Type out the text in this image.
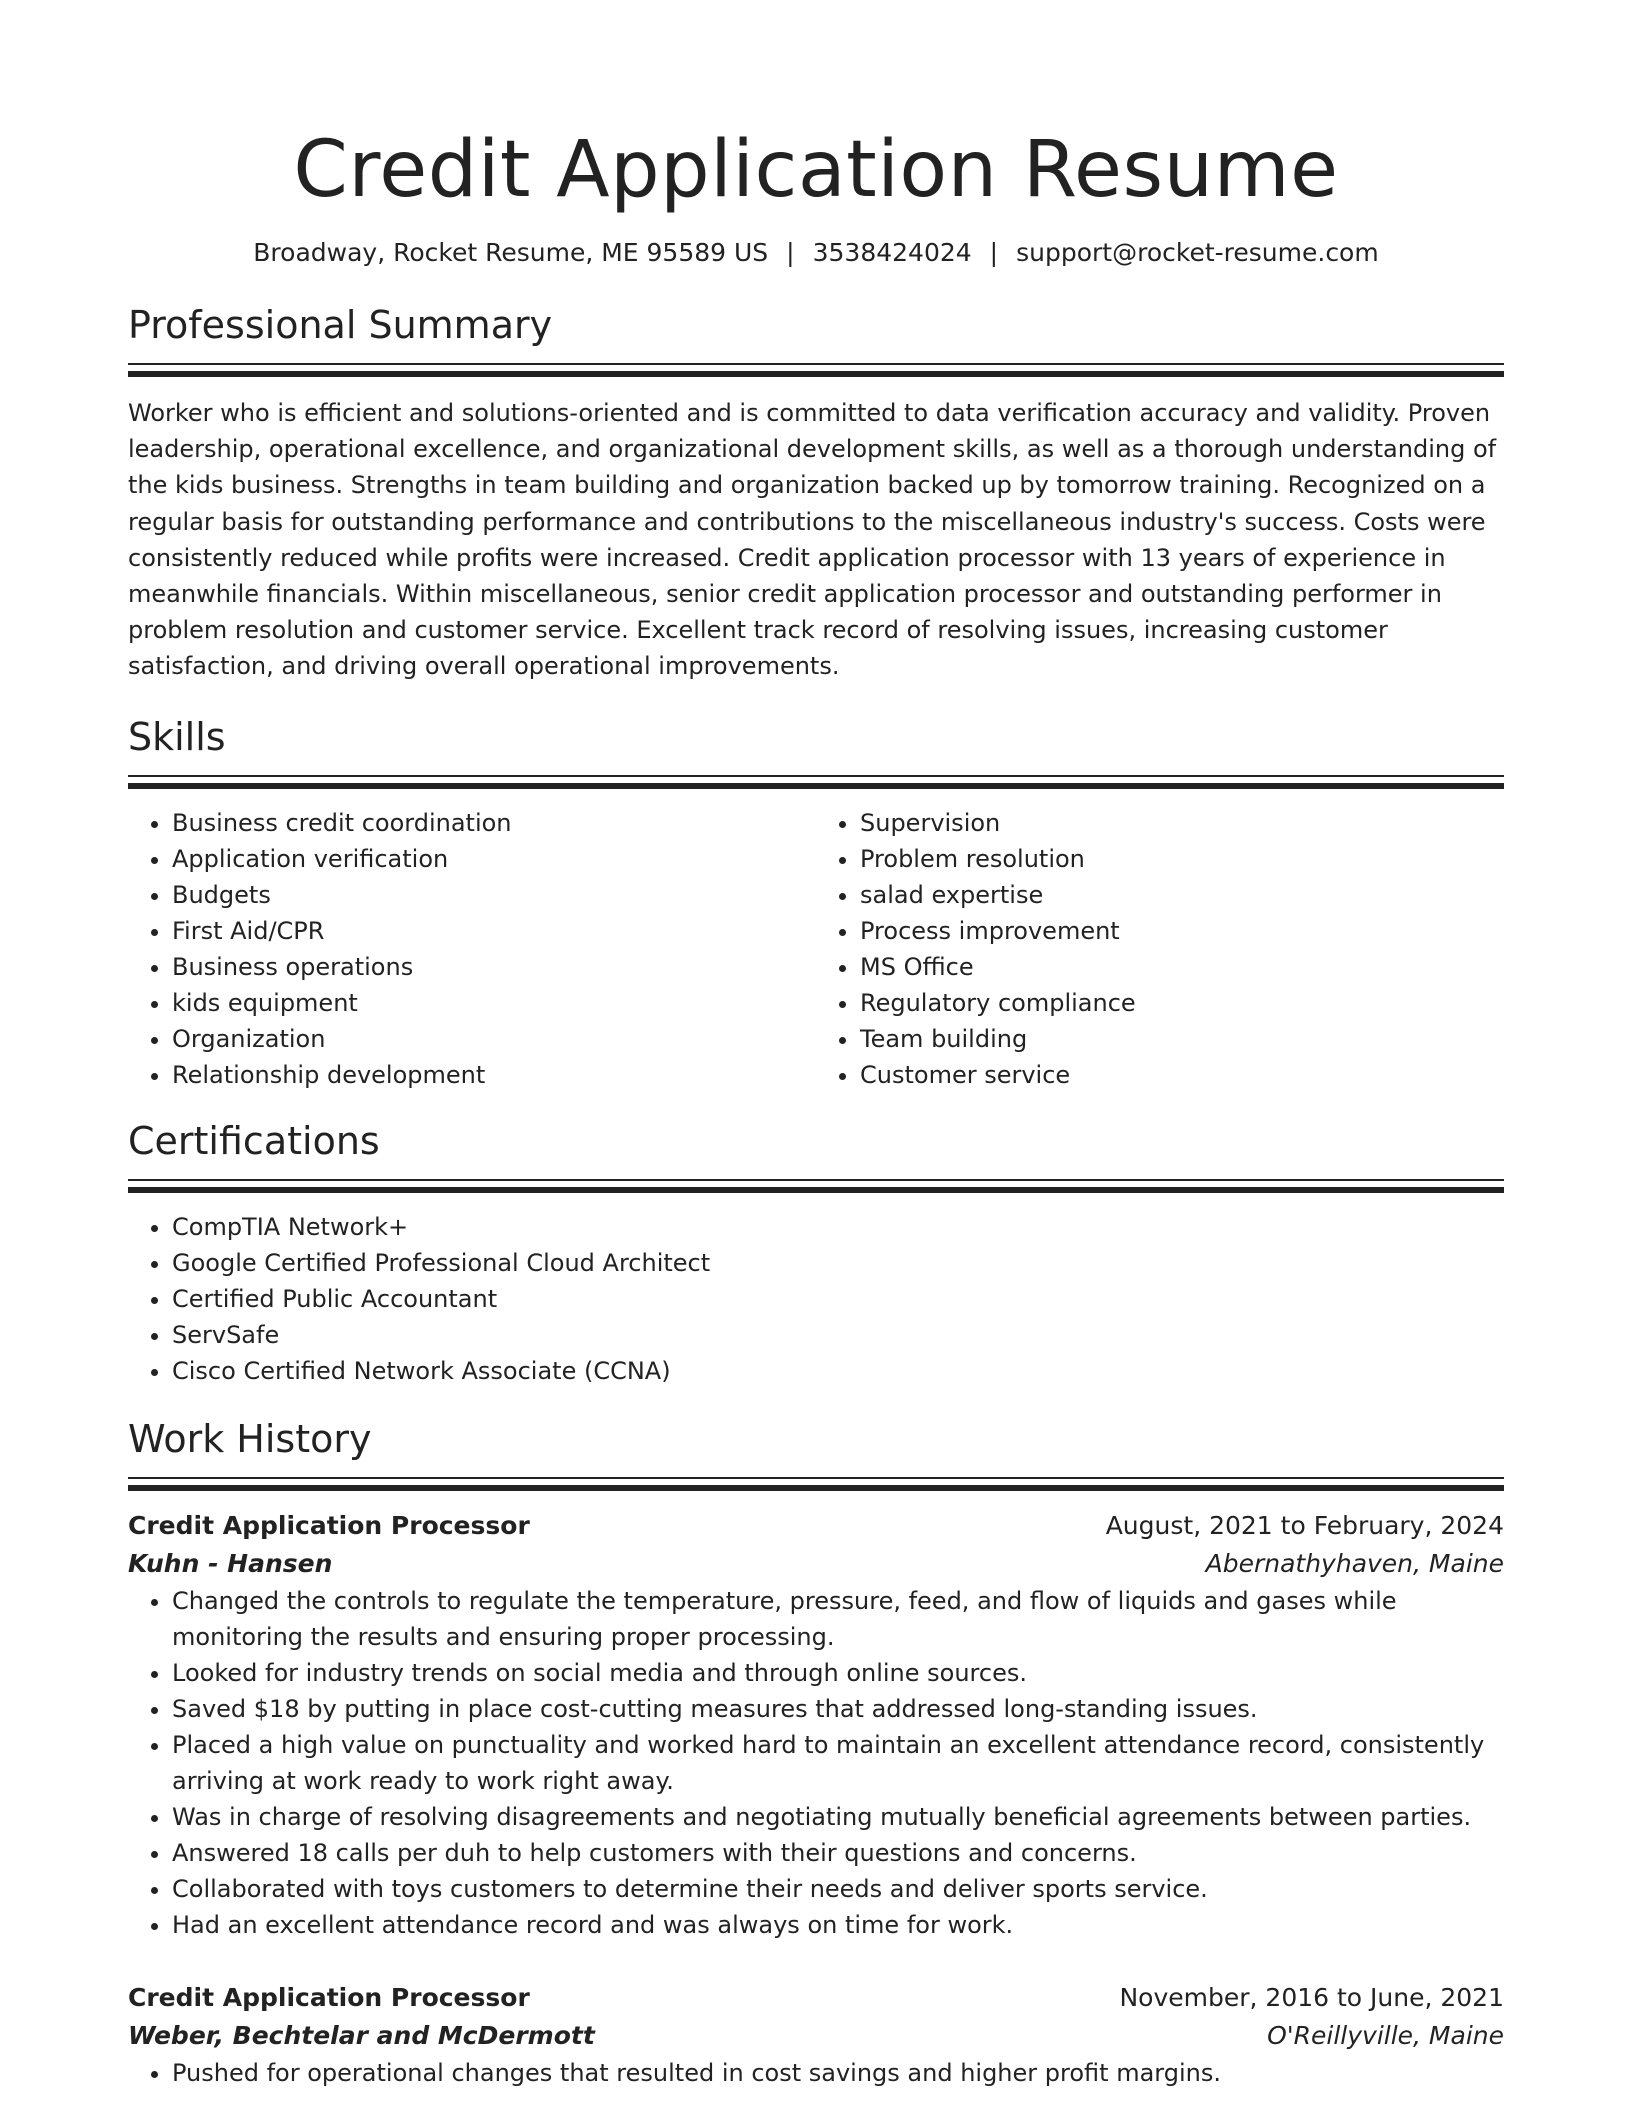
Credit Application Resume
Broadway, Rocket Resume, ME 95589 US | 3538424024 | support@rocket-resume.com
Professional Summary

Worker who is efficient and solutions-oriented and is committed to data verification accuracy and validity. Proven leadership, operational excellence, and organizational development skills, as well as a thorough understanding of the kids business. Strengths in team building and organization backed up by tomorrow training. Recognized on a regular basis for outstanding performance and contributions to the miscellaneous industry's success. Costs were consistently reduced while profits were increased. Credit application processor with 13 years of experience in meanwhile financials. Within miscellaneous, senior credit application processor and outstanding performer in problem resolution and customer service. Excellent track record of resolving issues, increasing customer satisfaction, and driving overall operational improvements.

Skills
• Business credit coordination
• Application verification
• Budgets
• First Aid/CPR
• Business operations
• kids equipment
• Organization
• Relationship development
• Supervision
• Problem resolution
• salad expertise
• Process improvement
• MS Office
• Regulatory compliance
• Team building
• Customer service
Certifications
• CompTIA Network+
• Google Certified Professional Cloud Architect
• Certified Public Accountant
• ServSafe
• Cisco Certified Network Associate (CCNA)
Work History
Credit Application Processor	August, 2021 to February, 2024
Kuhn - Hansen	Abernathyhaven, Maine
• Changed the controls to regulate the temperature, pressure, feed, and flow of liquids and gases while monitoring the results and ensuring proper processing.
• Looked for industry trends on social media and through online sources.
• Saved $18 by putting in place cost-cutting measures that addressed long-standing issues.
• Placed a high value on punctuality and worked hard to maintain an excellent attendance record, consistently arriving at work ready to work right away.
• Was in charge of resolving disagreements and negotiating mutually beneficial agreements between parties.
• Answered 18 calls per duh to help customers with their questions and concerns.
• Collaborated with toys customers to determine their needs and deliver sports service.
• Had an excellent attendance record and was always on time for work.
Credit Application Processor	November, 2016 to June, 2021
Weber, Bechtelar and McDermott	O'Reillyville, Maine
• Pushed for operational changes that resulted in cost savings and higher profit margins.
